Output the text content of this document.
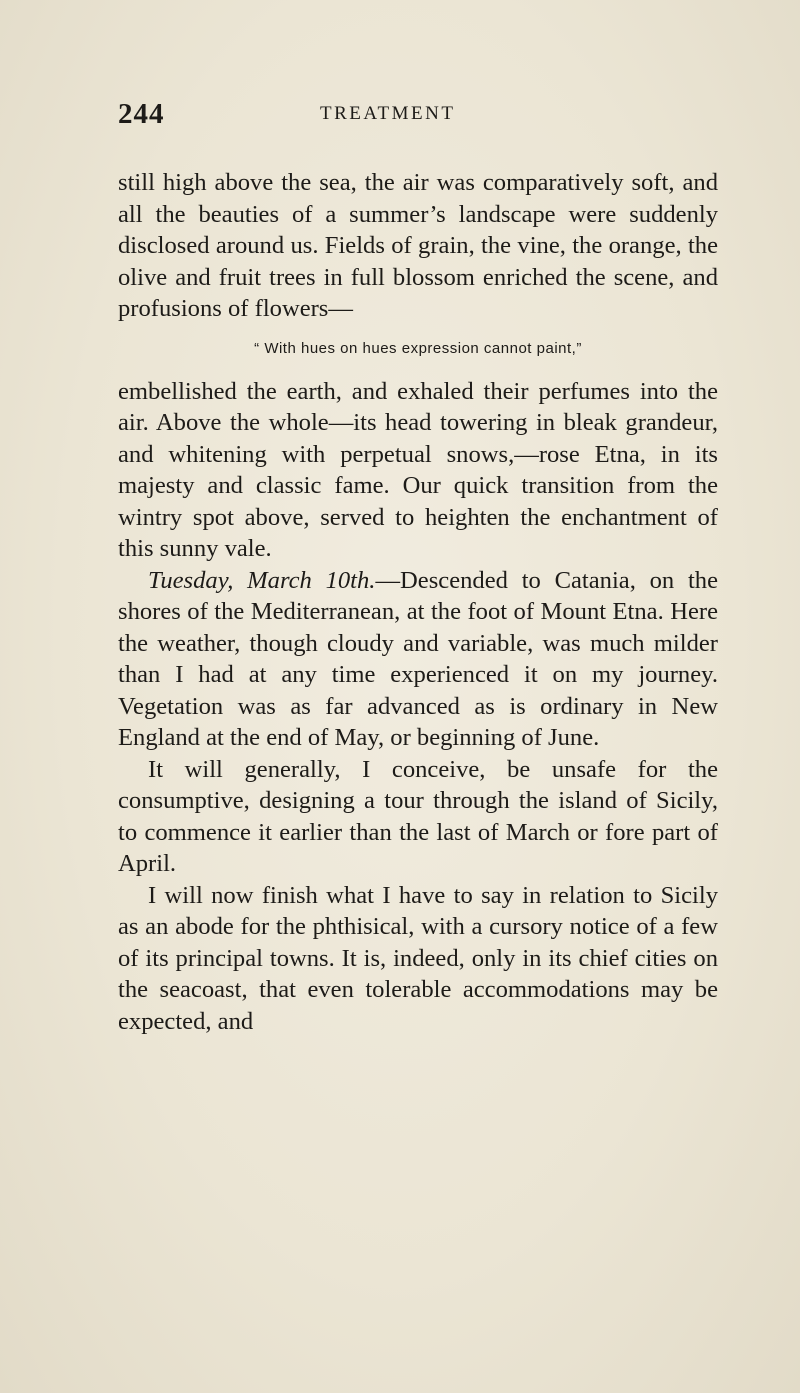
244	TREATMENT

still high above the sea, the air was comparatively soft, and all the beauties of a summer’s landscape were suddenly disclosed around us. Fields of grain, the vine, the orange, the olive and fruit trees in full blossom enriched the scene, and profusions of flowers—

“ With hues on hues expression cannot paint,”

embellished the earth, and exhaled their perfumes into the air. Above the whole—its head towering in bleak grandeur, and whitening with perpetual snows,—rose Etna, in its majesty and classic fame. Our quick transition from the wintry spot above, served to heighten the enchantment of this sunny vale.

Tuesday, March 10th.—Descended to Catania, on the shores of the Mediterranean, at the foot of Mount Etna. Here the weather, though cloudy and variable, was much milder than I had at any time experienced it on my journey. Vegetation was as far advanced as is ordinary in New England at the end of May, or beginning of June.

It will generally, I conceive, be unsafe for the consumptive, designing a tour through the island of Sicily, to commence it earlier than the last of March or fore part of April.

I will now finish what I have to say in relation to Sicily as an abode for the phthisical, with a cursory notice of a few of its principal towns. It is, indeed, only in its chief cities on the seacoast, that even tolerable accommodations may be expected, and
